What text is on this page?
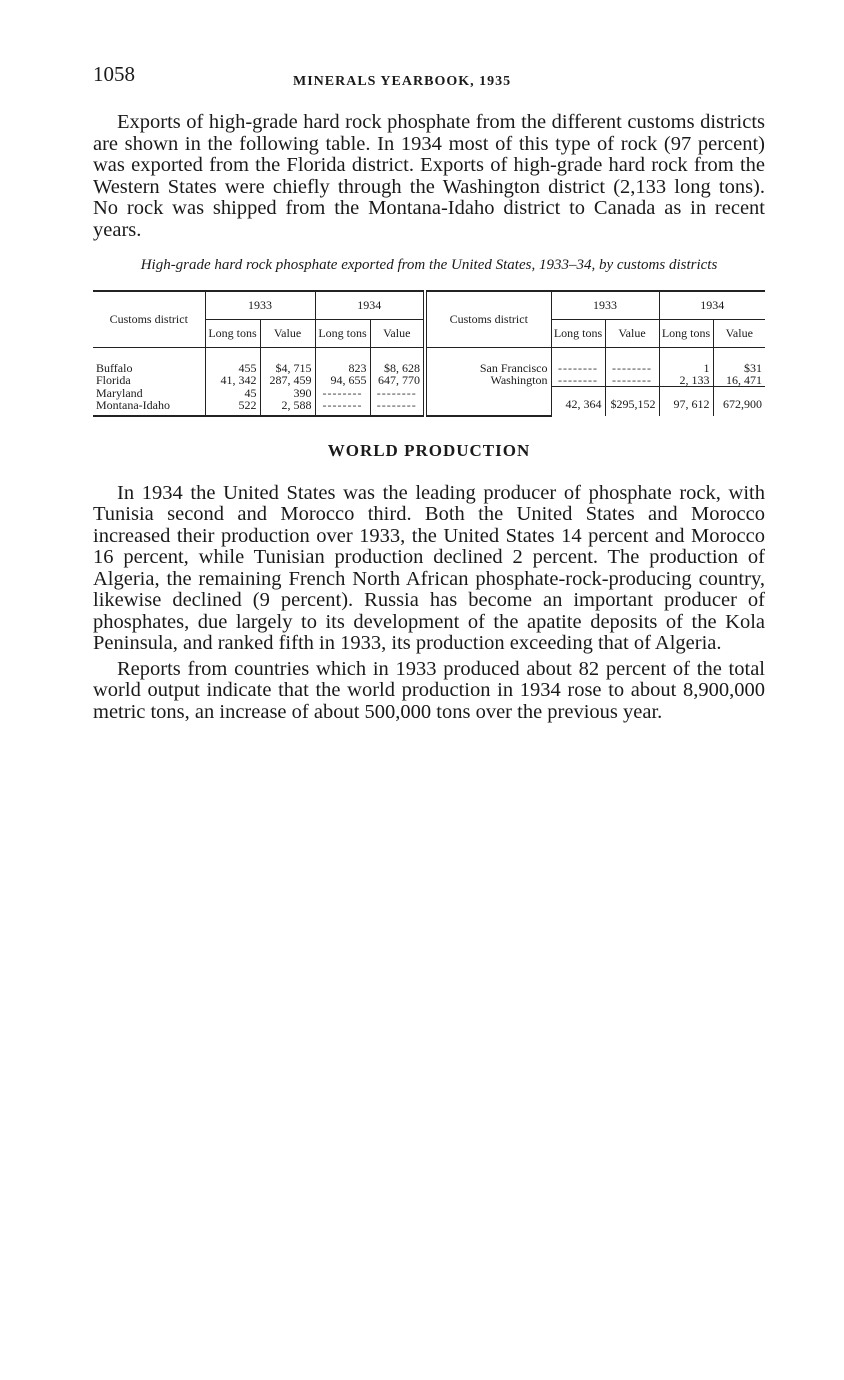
1058	MINERALS YEARBOOK, 1935

Exports of high-grade hard rock phosphate from the different customs districts are shown in the following table. In 1934 most of this type of rock (97 percent) was exported from the Florida district. Exports of high-grade hard rock from the Western States were chiefly through the Washington district (2,133 long tons). No rock was shipped from the Montana-Idaho district to Canada as in recent years.

High-grade hard rock phosphate exported from the United States, 1933–34, by customs districts
Customs district	1933		1934		Customs district	1933		1934	
	Long tons	Value	Long tons	Value		Long tons	Value	Long tons	Value
Buffalo	455	$4, 715	823	$8, 628	San Francisco	--------	--------	1	$31
Florida	41, 342	287, 459	94, 655	647, 770	Washington	--------	--------	2, 133	16, 471
Maryland	45	390	--------	--------		42, 364	$295,152	97, 612	672,900
Montana-Idaho	522	2, 588	--------	--------					
WORLD PRODUCTION

In 1934 the United States was the leading producer of phosphate rock, with Tunisia second and Morocco third. Both the United States and Morocco increased their production over 1933, the United States 14 percent and Morocco 16 percent, while Tunisian production declined 2 percent. The production of Algeria, the remaining French North African phosphate-rock-producing country, likewise declined (9 percent). Russia has become an important producer of phosphates, due largely to its development of the apatite deposits of the Kola Peninsula, and ranked fifth in 1933, its production exceeding that of Algeria.

Reports from countries which in 1933 produced about 82 percent of the total world output indicate that the world production in 1934 rose to about 8,900,000 metric tons, an increase of about 500,000 tons over the previous year.
